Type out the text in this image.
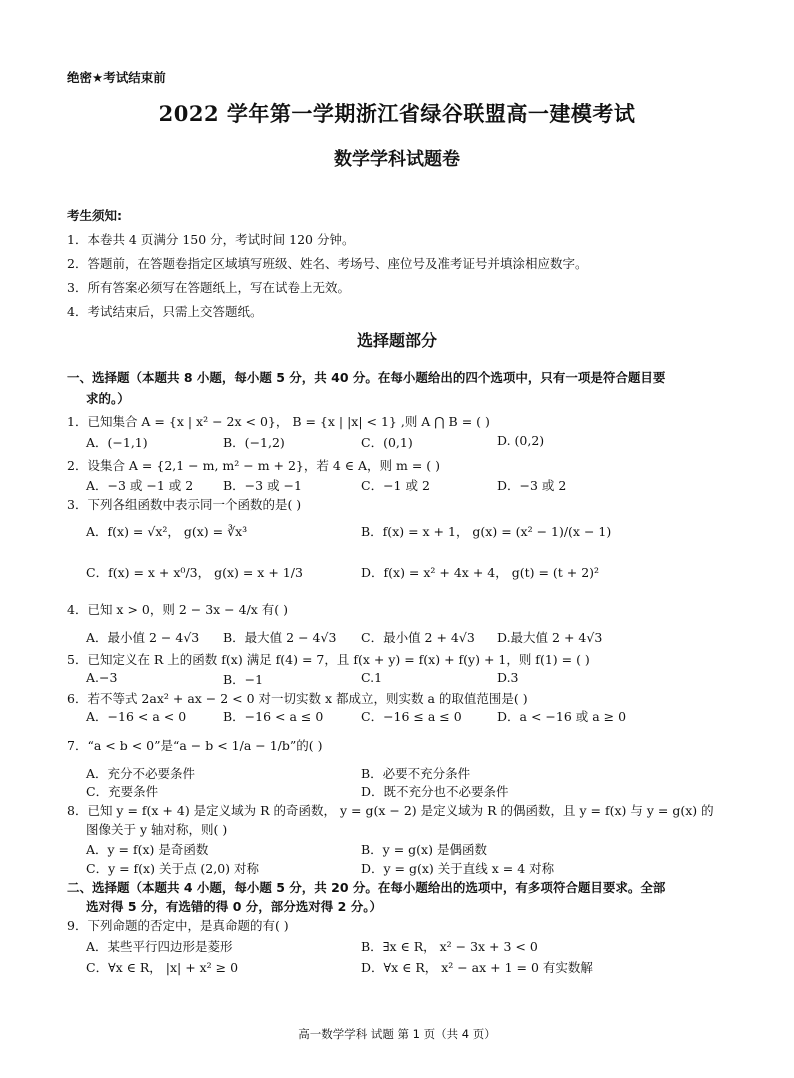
绝密★考试结束前
2022 学年第一学期浙江省绿谷联盟高一建模考试
数学学科试题卷
考生须知:
1．本卷共 4 页满分 150 分，考试时间 120 分钟。
2．答题前，在答题卷指定区域填写班级、姓名、考场号、座位号及准考证号并填涂相应数字。
3．所有答案必须写在答题纸上，写在试卷上无效。
4．考试结束后，只需上交答题纸。
选择题部分
一、选择题（本题共 8 小题，每小题 5 分，共 40 分。在每小题给出的四个选项中，只有一项是符合题目要
求的。）
1．已知集合 A = {x | x² − 2x < 0}， B = {x | |x| < 1} ,则 A ⋂ B = ( )
A．(−1,1)	B．(−1,2)	C．(0,1)	D. (0,2)
2．设集合 A = {2,1 − m, m² − m + 2}，若 4 ∈ A，则 m = ( )
A．−3 或 −1 或 2 B．−3 或 −1	C．−1 或 2	D．−3 或 2
3．下列各组函数中表示同一个函数的是( )
A．f(x) = √x²， g(x) = ∛x³	B．f(x) = x + 1， g(x) = (x² − 1)/(x − 1)
C．f(x) = x + x⁰/3， g(x) = x + 1/3	D．f(x) = x² + 4x + 4， g(t) = (t + 2)²
4．已知 x > 0，则 2 − 3x − 4/x 有( )
A．最小值 2 − 4√3 B．最大值 2 − 4√3 C．最小值 2 + 4√3 D.最大值 2 + 4√3
5．已知定义在 R 上的函数 f(x) 满足 f(4) = 7，且 f(x + y) = f(x) + f(y) + 1，则 f(1) = ( )
A.−3	B．−1	C.1	D.3
6．若不等式 2ax² + ax − 2 < 0 对一切实数 x 都成立，则实数 a 的取值范围是( )
A．−16 < a < 0	B．−16 < a ≤ 0	C．−16 ≤ a ≤ 0	D．a < −16 或 a ≥ 0
7．“a < b < 0”是“a − b < 1/a − 1/b”的( )
A．充分不必要条件	B．必要不充分条件
C．充要条件	D．既不充分也不必要条件
8．已知 y = f(x + 4) 是定义域为 R 的奇函数， y = g(x − 2) 是定义域为 R 的偶函数，且 y = f(x) 与 y = g(x) 的
图像关于 y 轴对称，则( )
A．y = f(x) 是奇函数	B．y = g(x) 是偶函数
C．y = f(x) 关于点 (2,0) 对称	D．y = g(x) 关于直线 x = 4 对称
二、选择题（本题共 4 小题，每小题 5 分，共 20 分。在每小题给出的选项中，有多项符合题目要求。全部
选对得 5 分，有选错的得 0 分，部分选对得 2 分。）
9．下列命题的否定中，是真命题的有( )
A．某些平行四边形是菱形	B．∃x ∈ R， x² − 3x + 3 < 0
C．∀x ∈ R， |x| + x² ≥ 0	D．∀x ∈ R， x² − ax + 1 = 0 有实数解
高一数学学科 试题 第 1 页（共 4 页）
